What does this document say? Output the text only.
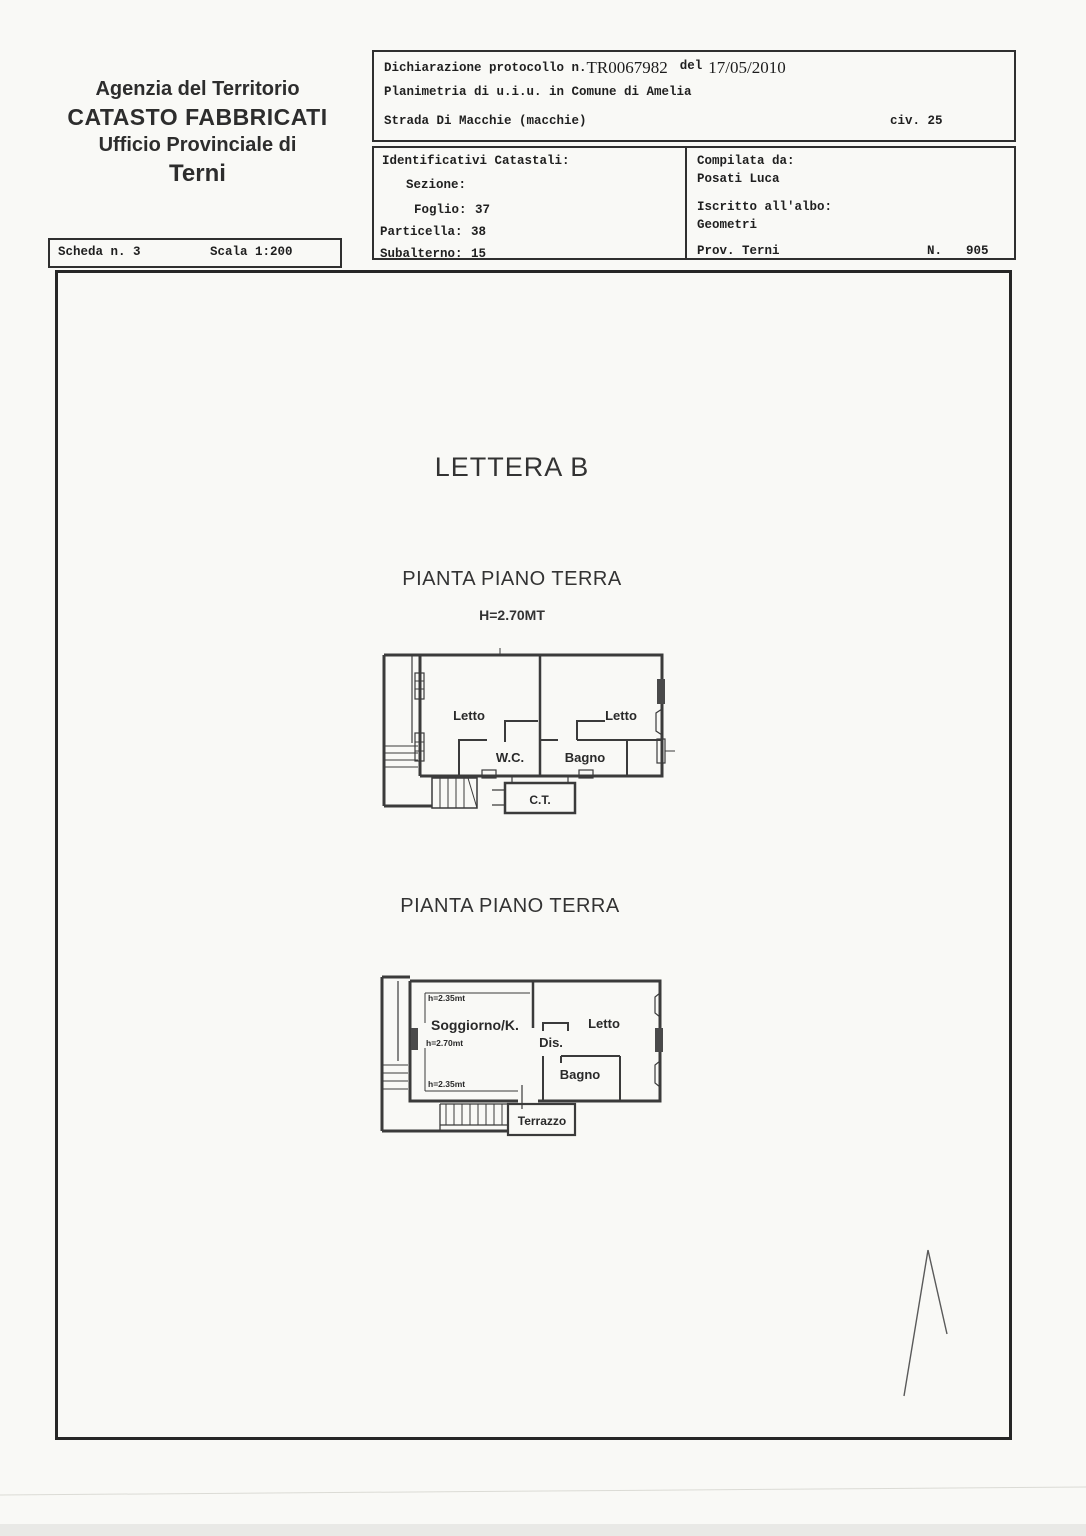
Agenzia del Territorio
CATASTO FABBRICATI
Ufficio Provinciale di
Terni
Dichiarazione protocollo n.TR0067982 del 17/05/2010
Planimetria di u.i.u. in Comune di Amelia
Strada Di Macchie (macchie)	civ. 25
Identificativi Catastali:
Sezione:
Foglio: 37
Particella: 38
Subalterno: 15
Compilata da:
Posati Luca
Iscritto all'albo:
Geometri
Prov. Terni	N. 905
Scheda n. 3	Scala 1:200
LETTERA B
PIANTA PIANO TERRA
H=2.70MT
PIANTA PIANO TERRA
Letto
W.C.	Bagno
Letto
C.T.
h=2.35mt
Soggiorno/K.
h=2.70mt
h=2.35mt
Letto
Dis.
Bagno
Terrazzo
